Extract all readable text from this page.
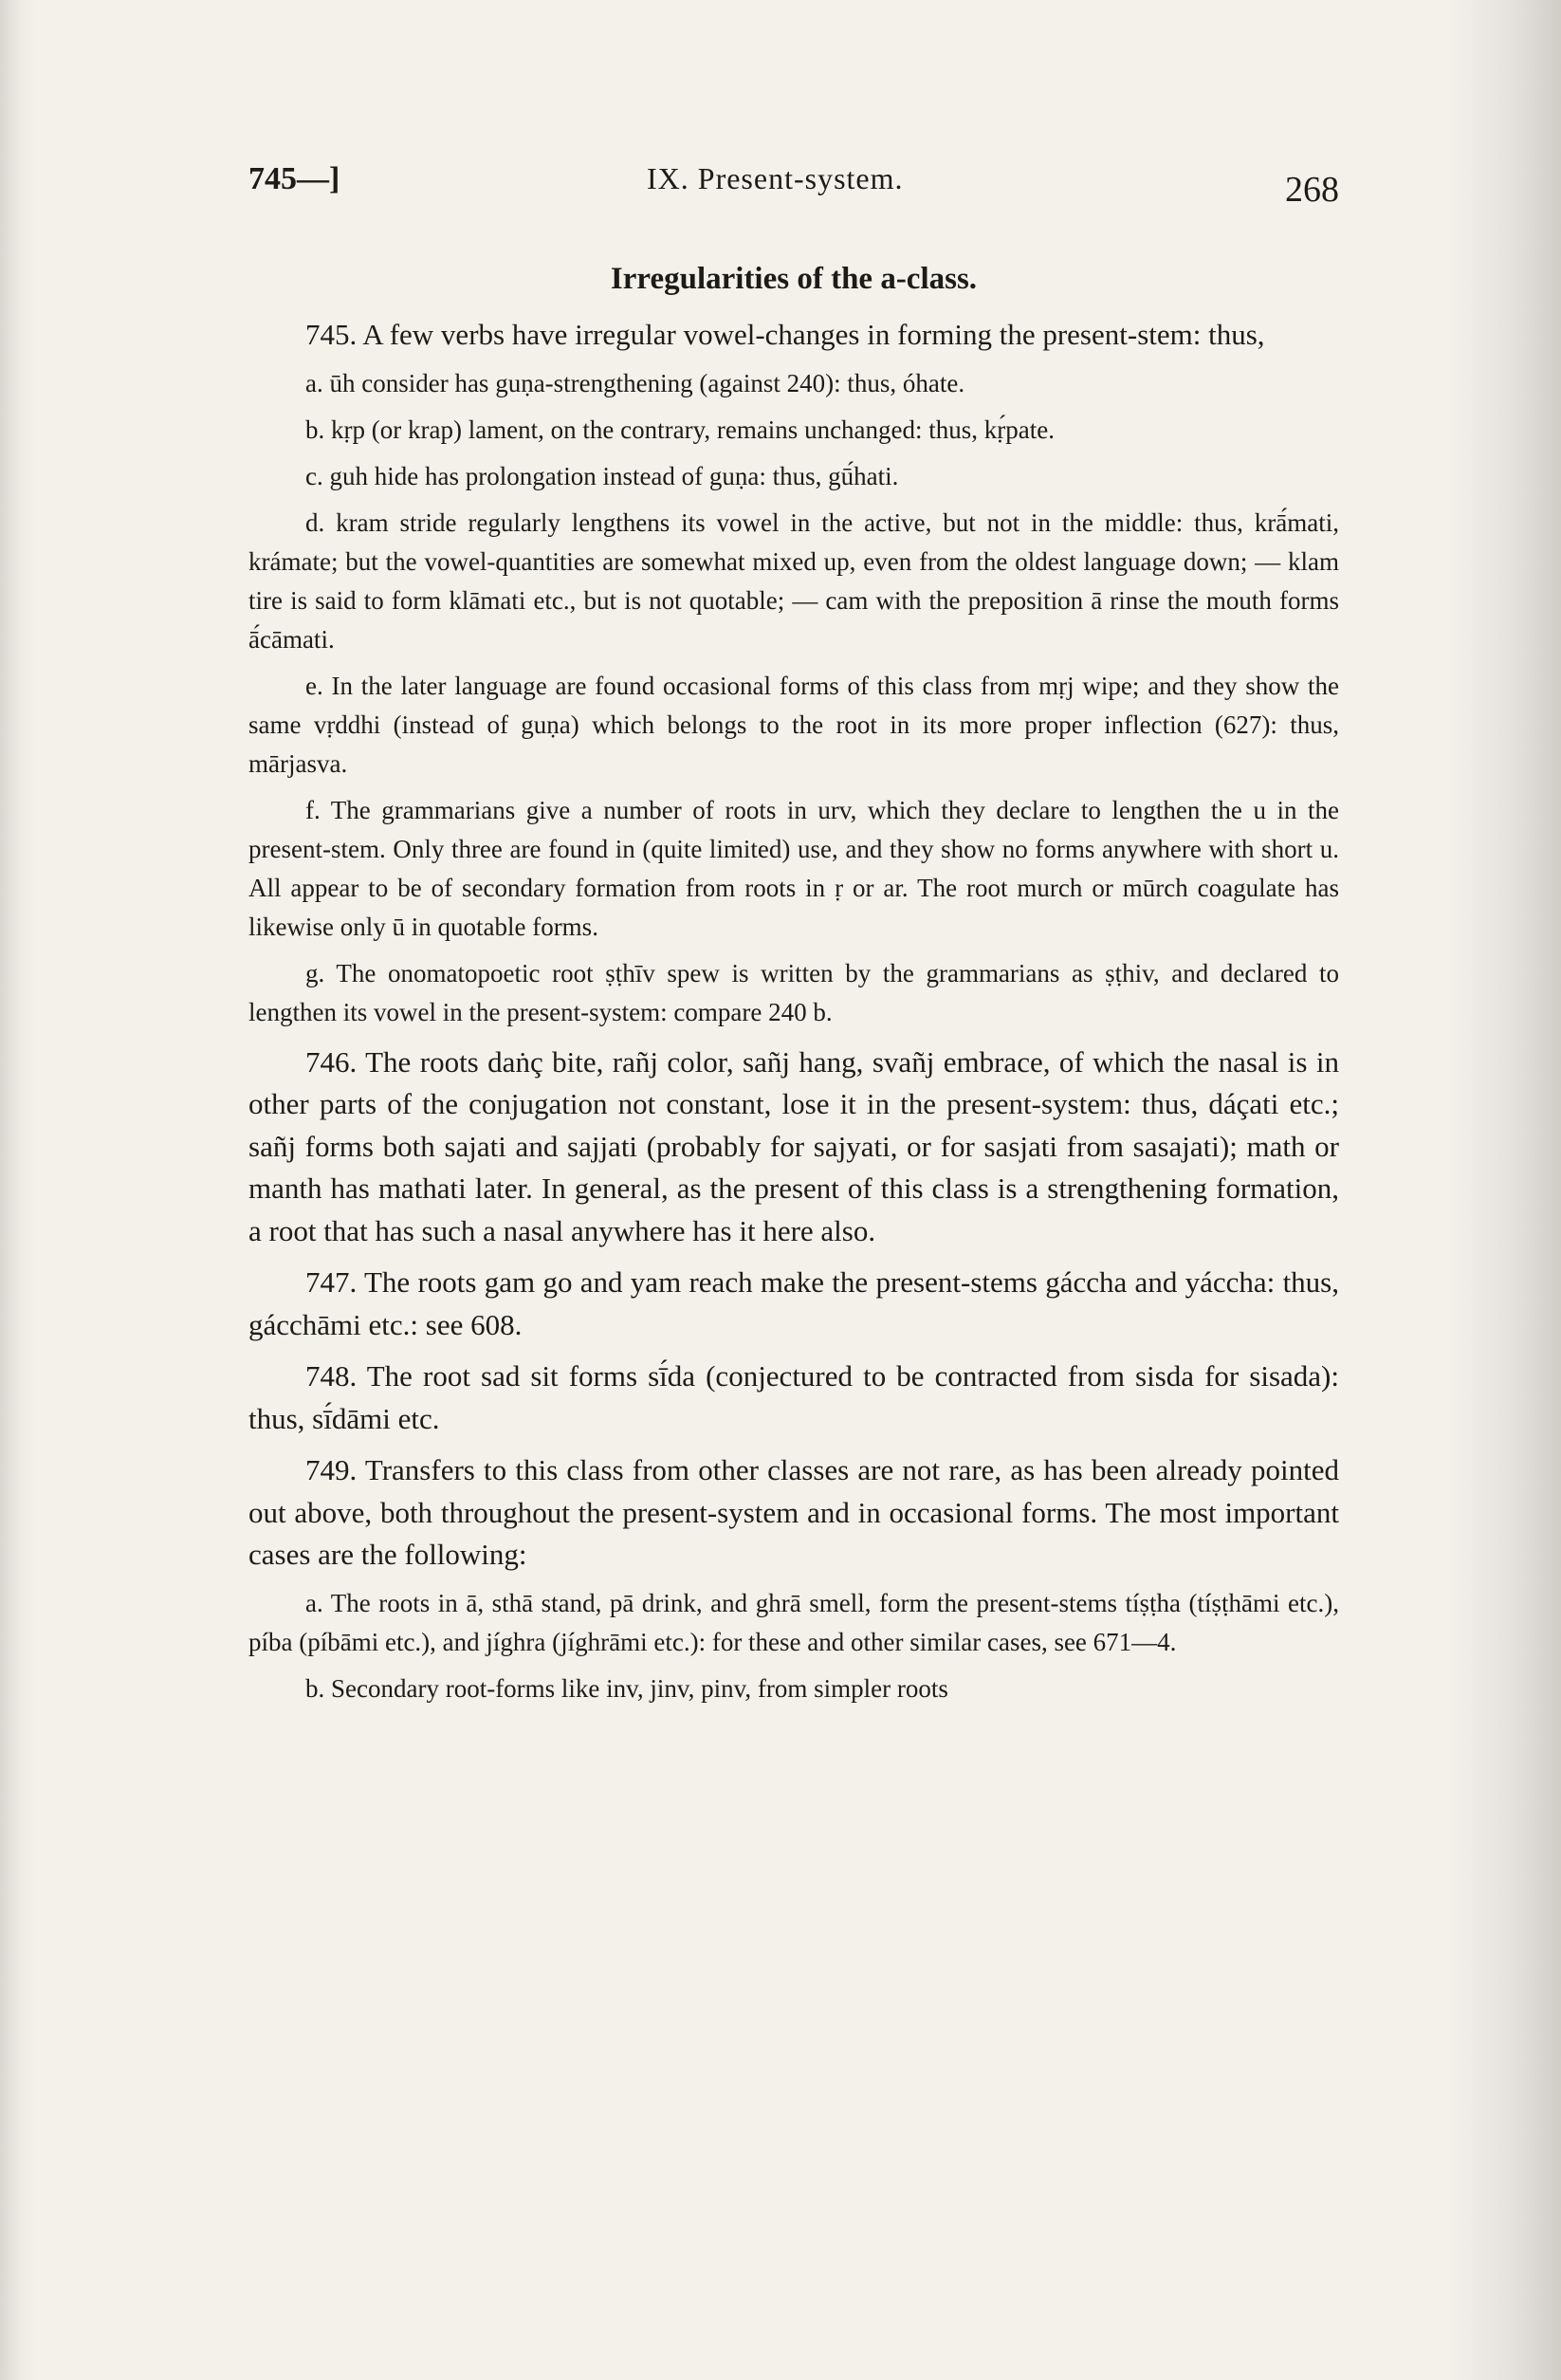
745—]	IX. Present-system.	268
Irregularities of the a-class.

745. A few verbs have irregular vowel-changes in forming the present-stem: thus,

a. ūh consider has guṇa-strengthening (against 240): thus, óhate.

b. kṛp (or krap) lament, on the contrary, remains unchanged: thus, kṛ́pate.

c. guh hide has prolongation instead of guṇa: thus, gū́hati.

d. kram stride regularly lengthens its vowel in the active, but not in the middle: thus, krā́mati, krámate; but the vowel-quantities are somewhat mixed up, even from the oldest language down; — klam tire is said to form klāmati etc., but is not quotable; — cam with the preposition ā rinse the mouth forms ā́cāmati.

e. In the later language are found occasional forms of this class from mṛj wipe; and they show the same vṛddhi (instead of guṇa) which belongs to the root in its more proper inflection (627): thus, mārjasva.

f. The grammarians give a number of roots in urv, which they declare to lengthen the u in the present-stem. Only three are found in (quite limited) use, and they show no forms anywhere with short u. All appear to be of secondary formation from roots in ṛ or ar. The root murch or mūrch coagulate has likewise only ū in quotable forms.

g. The onomatopoetic root ṣṭhīv spew is written by the grammarians as ṣṭhiv, and declared to lengthen its vowel in the present-system: compare 240 b.

746. The roots daṅç bite, rañj color, sañj hang, svañj embrace, of which the nasal is in other parts of the conjugation not constant, lose it in the present-system: thus, dáçati etc.; sañj forms both sajati and sajjati (probably for sajyati, or for sasjati from sasajati); math or manth has mathati later. In general, as the present of this class is a strengthening formation, a root that has such a nasal anywhere has it here also.

747. The roots gam go and yam reach make the present-stems gáccha and yáccha: thus, gácchāmi etc.: see 608.

748. The root sad sit forms sī́da (conjectured to be contracted from sisda for sisada): thus, sī́dāmi etc.

749. Transfers to this class from other classes are not rare, as has been already pointed out above, both throughout the present-system and in occasional forms. The most important cases are the following:

a. The roots in ā, sthā stand, pā drink, and ghrā smell, form the present-stems tíṣṭha (tíṣṭhāmi etc.), píba (píbāmi etc.), and jíghra (jíghrāmi etc.): for these and other similar cases, see 671—4.

b. Secondary root-forms like inv, jinv, pinv, from simpler roots
